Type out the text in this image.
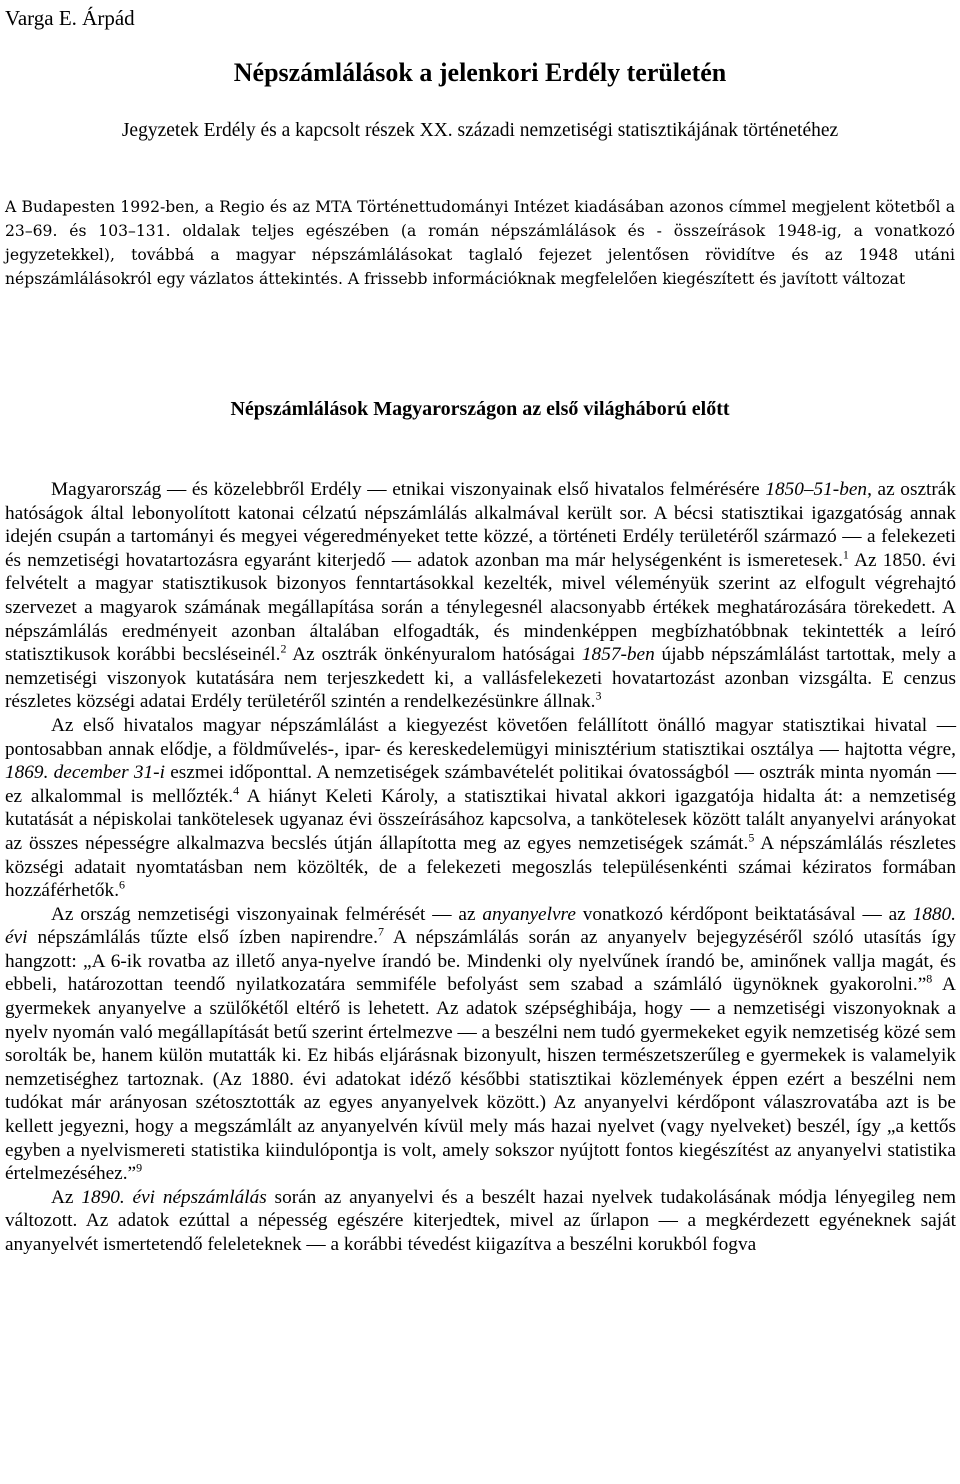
Varga E. Árpád
Népszámlálások a jelenkori Erdély területén
Jegyzetek Erdély és a kapcsolt részek XX. századi nemzetiségi statisztikájának történetéhez
A Budapesten 1992-ben, a Regio és az MTA Történettudományi Intézet kiadásában azonos címmel megjelent kötetből a 23–69. és 103–131. oldalak teljes egészében (a román népszámlálások és - összeírások 1948-ig, a vonatkozó jegyzetekkel), továbbá a magyar népszámlálásokat taglaló fejezet jelentősen rövidítve és az 1948 utáni népszámlálásokról egy vázlatos áttekintés. A frissebb információknak megfelelően kiegészített és javított változat
Népszámlálások Magyarországon az első világháború előtt

Magyarország — és közelebbről Erdély — etnikai viszonyainak első hivatalos felmérésére 1850–51-ben, az osztrák hatóságok által lebonyolított katonai célzatú népszámlálás alkalmával került sor. A bécsi statisztikai igazgatóság annak idején csupán a tartományi és megyei végeredményeket tette közzé, a történeti Erdély területéről származó — a felekezeti és nemzetiségi hovatartozásra egyaránt kiterjedő — adatok azonban ma már helységenként is ismeretesek.$^1$ Az 1850. évi felvételt a magyar statisztikusok bizonyos fenntartásokkal kezelték, mivel véleményük szerint az elfogult végrehajtó szervezet a magyarok számának megállapítása során a ténylegesnél alacsonyabb értékek meghatározására törekedett. A népszámlálás eredményeit azonban általában elfogadták, és mindenképpen megbízhatóbbnak tekintették a leíró statisztikusok korábbi becsléseinél.$^2$ Az osztrák önkényuralom hatóságai 1857-ben újabb népszámlálást tartottak, mely a nemzetiségi viszonyok kutatására nem terjeszkedett ki, a vallásfelekezeti hovatartozást azonban vizsgálta. E cenzus részletes községi adatai Erdély területéről szintén a rendelkezésünkre állnak.$^3$

Az első hivatalos magyar népszámlálást a kiegyezést követően felállított önálló magyar statisztikai hivatal — pontosabban annak elődje, a földművelés-, ipar- és kereskedelemügyi minisztérium statisztikai osztálya — hajtotta végre, 1869. december 31-i eszmei időponttal. A nemzetiségek számbavételét politikai óvatosságból — osztrák minta nyomán — ez alkalommal is mellőzték.$^4$ A hiányt Keleti Károly, a statisztikai hivatal akkori igazgatója hidalta át: a nemzetiség kutatását a népiskolai tankötelesek ugyanaz évi összeírásához kapcsolva, a tankötelesek között talált anyanyelvi arányokat az összes népességre alkalmazva becslés útján állapította meg az egyes nemzetiségek számát.$^5$ A népszámlálás részletes községi adatait nyomtatásban nem közölték, de a felekezeti megoszlás településenkénti számai kéziratos formában hozzáférhetők.$^6$

Az ország nemzetiségi viszonyainak felmérését — az anyanyelvre vonatkozó kérdőpont beiktatásával — az 1880. évi népszámlálás tűzte első ízben napirendre.$^7$ A népszámlálás során az anyanyelv bejegyzéséről szóló utasítás így hangzott: „A 6-ik rovatba az illető anya-nyelve írandó be. Mindenki oly nyelvűnek írandó be, aminőnek vallja magát, és ebbeli, határozottan teendő nyilatkozatára semmiféle befolyást sem szabad a számláló ügynöknek gyakorolni.”$^8$ A gyermekek anyanyelve a szülőkétől eltérő is lehetett. Az adatok szépséghibája, hogy — a nemzetiségi viszonyoknak a nyelv nyomán való megállapítását betű szerint értelmezve — a beszélni nem tudó gyermekeket egyik nemzetiség közé sem sorolták be, hanem külön mutatták ki. Ez hibás eljárásnak bizonyult, hiszen természetszerűleg e gyermekek is valamelyik nemzetiséghez tartoznak. (Az 1880. évi adatokat idéző későbbi statisztikai közlemények éppen ezért a beszélni nem tudókat már arányosan szétosztották az egyes anyanyelvek között.) Az anyanyelvi kérdőpont válaszrovatába azt is be kellett jegyezni, hogy a megszámlált az anyanyelvén kívül mely más hazai nyelvet (vagy nyelveket) beszél, így „a kettős egyben a nyelvismereti statistika kiindulópontja is volt, amely sokszor nyújtott fontos kiegészítést az anyanyelvi statistika értelmezéséhez.”$^9$

Az 1890. évi népszámlálás során az anyanyelvi és a beszélt hazai nyelvek tudakolásának módja lényegileg nem változott. Az adatok ezúttal a népesség egészére kiterjedtek, mivel az űrlapon — a megkérdezett egyéneknek saját anyanyelvét ismertetendő feleleteknek — a korábbi tévedést kiigazítva a beszélni korukból fogva
